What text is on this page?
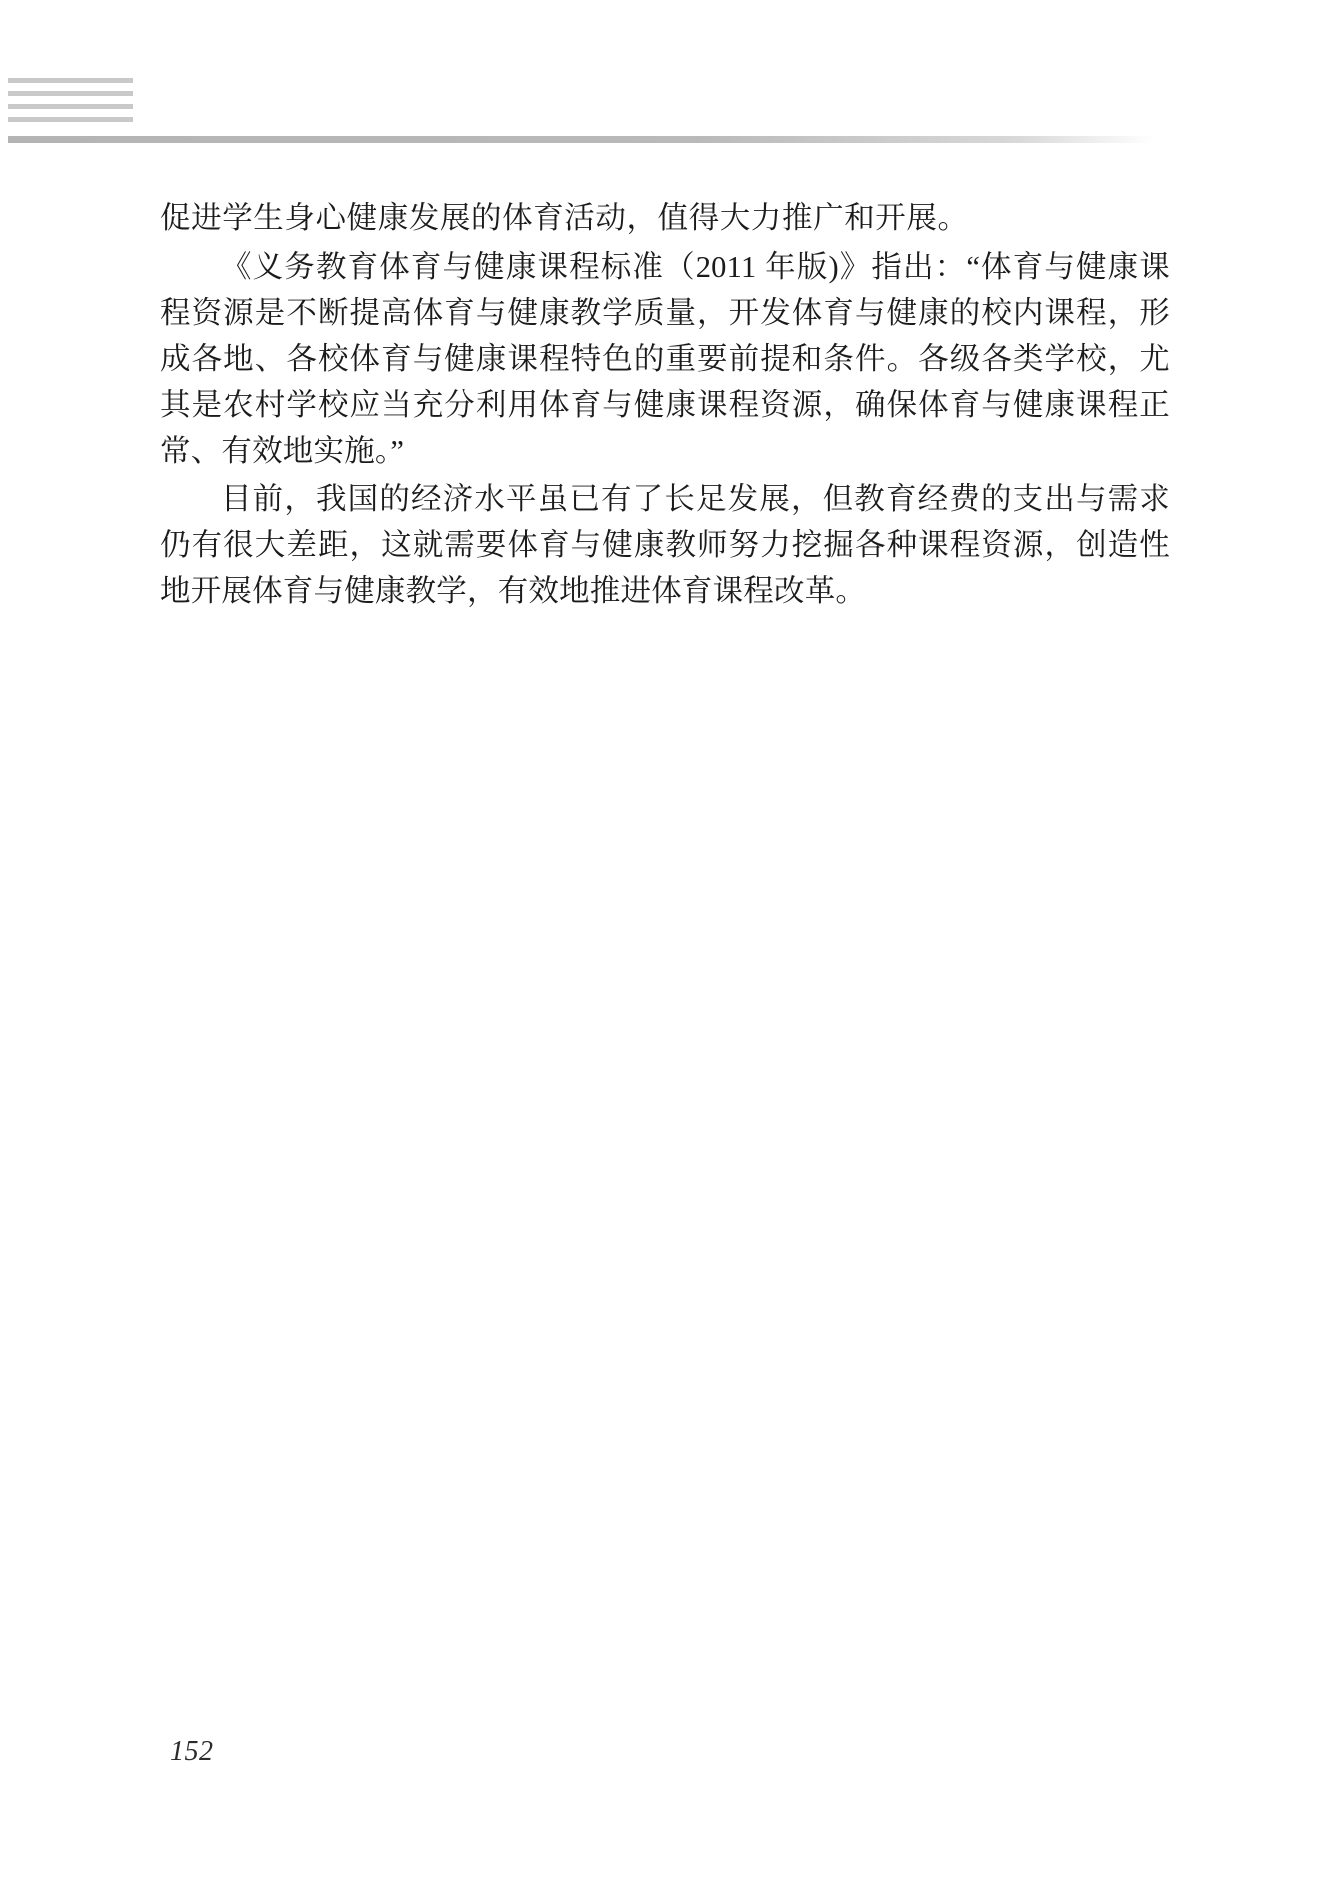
促进学生身心健康发展的体育活动，值得大力推广和开展。

《义务教育体育与健康课程标准（2011 年版)》指出：“体育与健康课程资源是不断提高体育与健康教学质量，开发体育与健康的校内课程，形成各地、各校体育与健康课程特色的重要前提和条件。各级各类学校，尤其是农村学校应当充分利用体育与健康课程资源，确保体育与健康课程正常、有效地实施。”

目前，我国的经济水平虽已有了长足发展，但教育经费的支出与需求仍有很大差距，这就需要体育与健康教师努力挖掘各种课程资源，创造性地开展体育与健康教学，有效地推进体育课程改革。

152
